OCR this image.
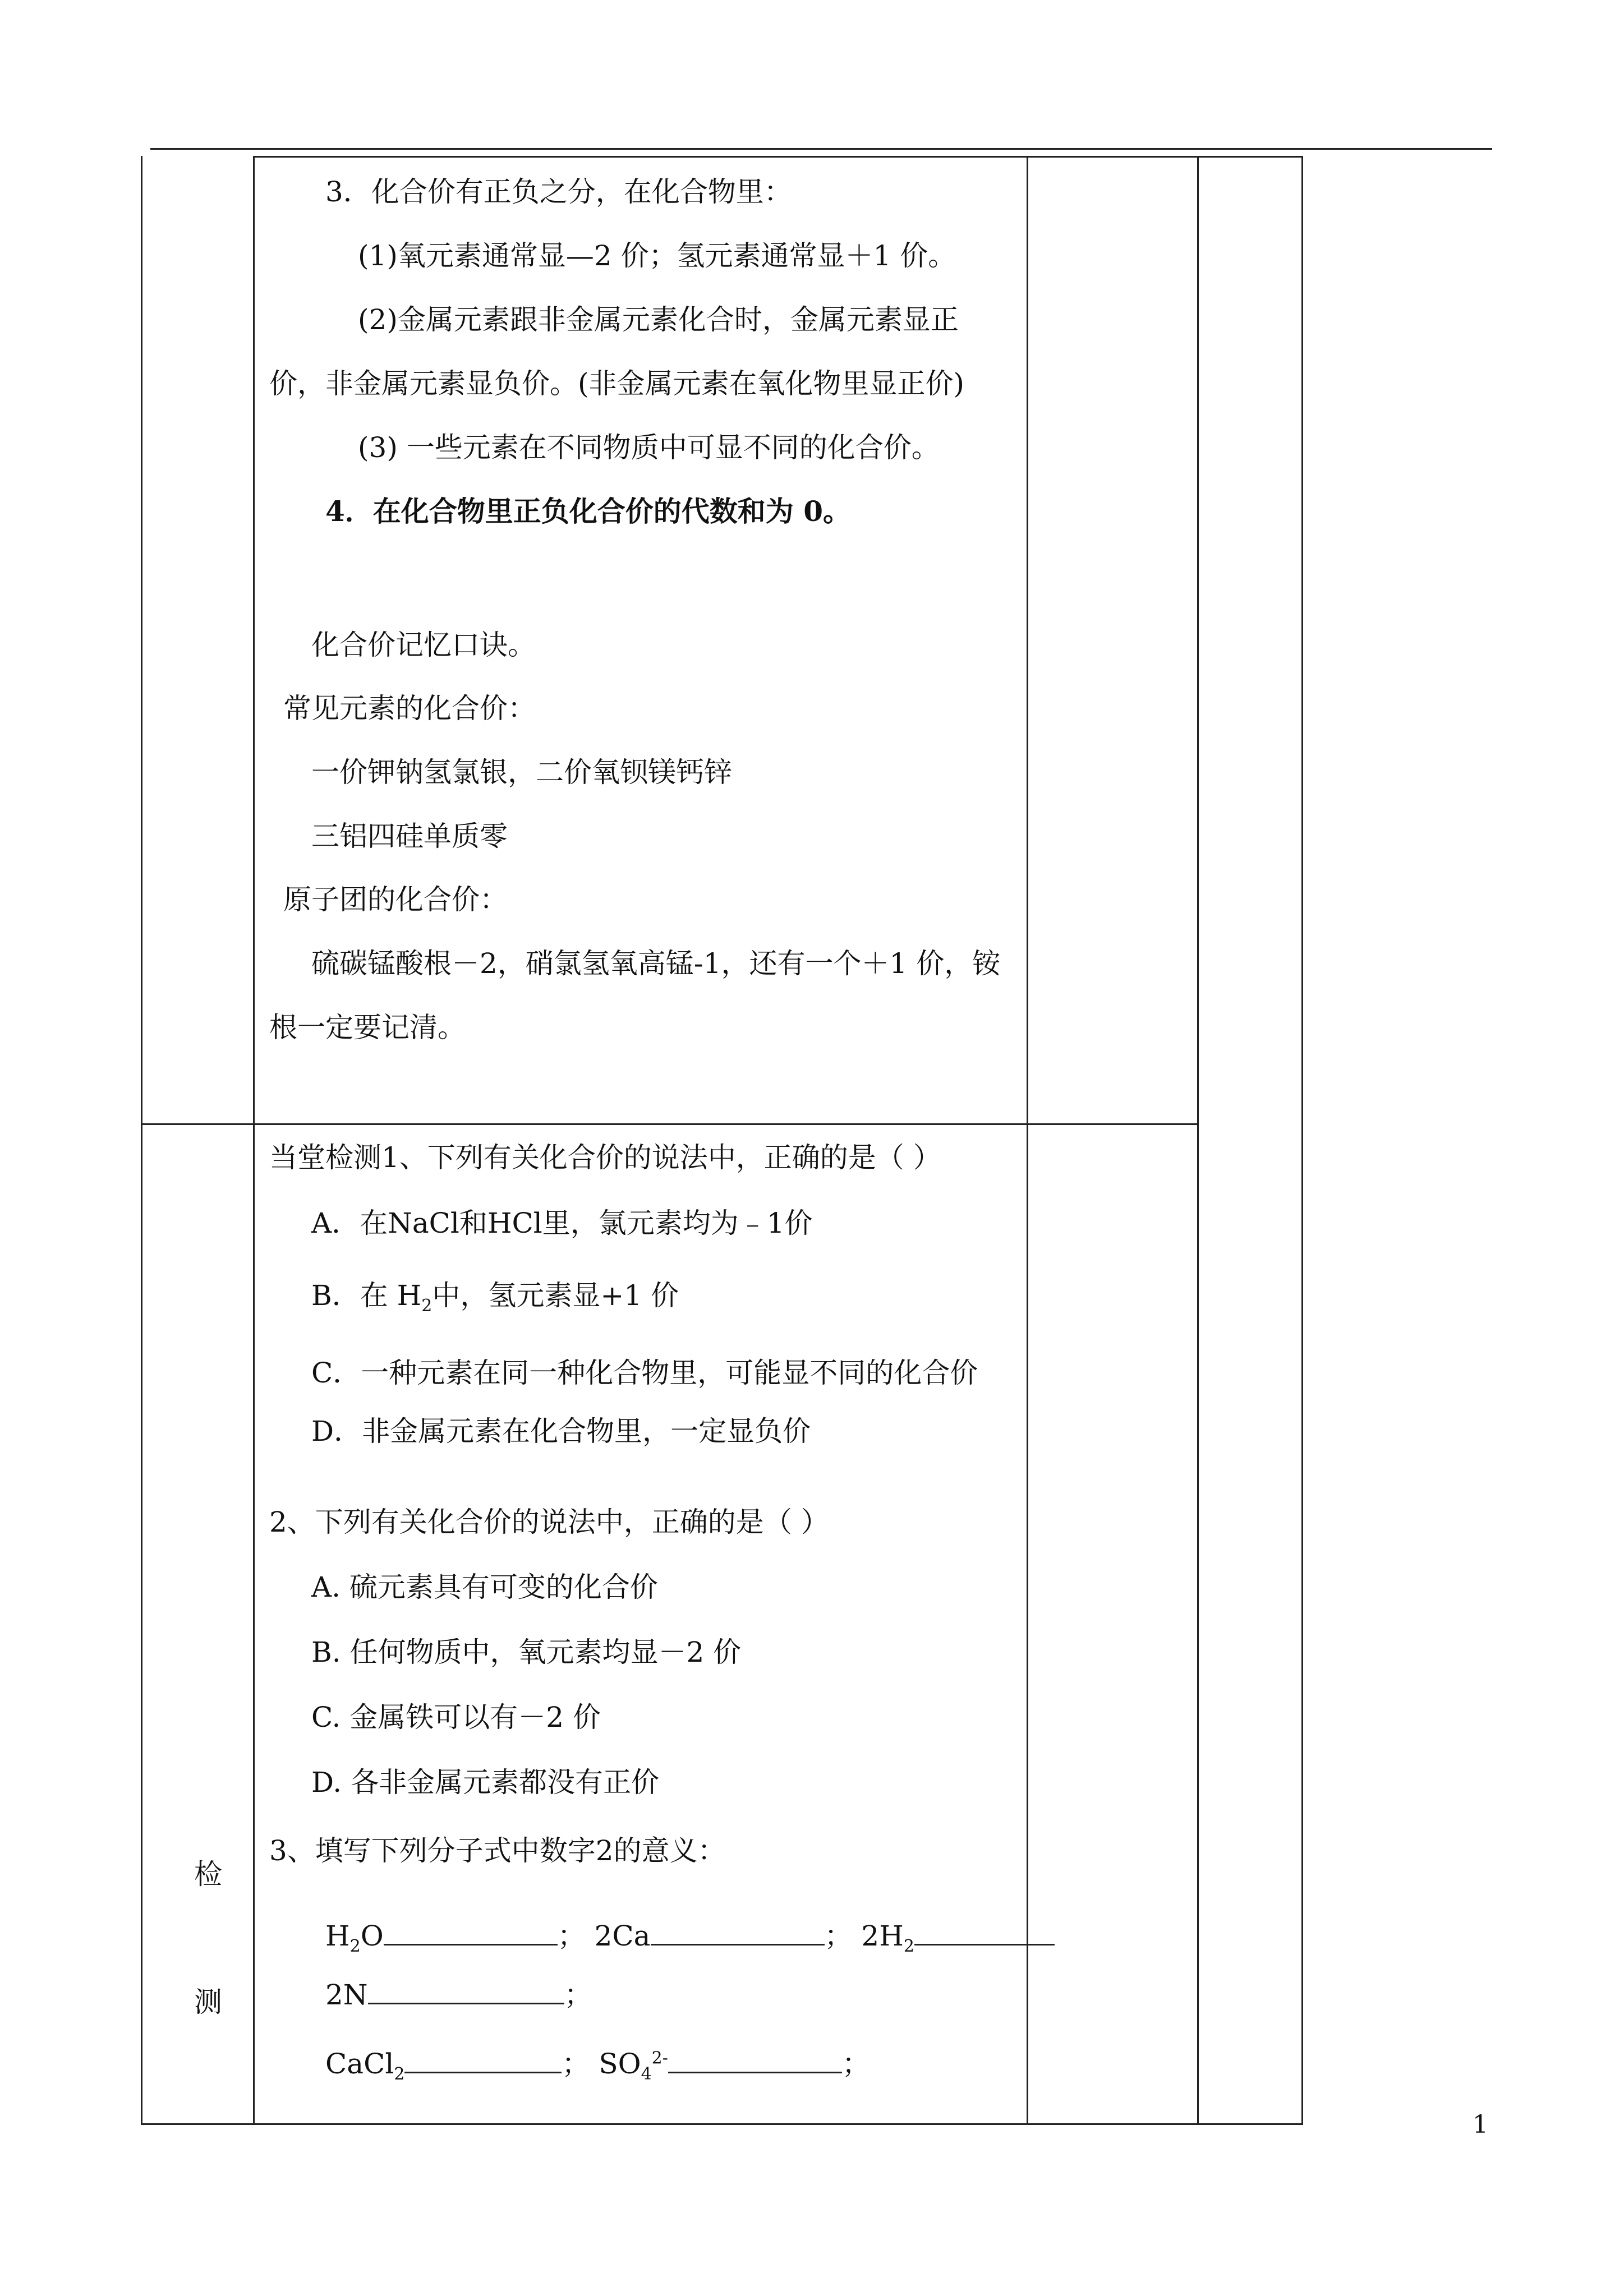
3．化合价有正负之分，在化合物里：
(1)氧元素通常显—2 价；氢元素通常显＋1 价。
(2)金属元素跟非金属元素化合时，金属元素显正
价，非金属元素显负价。(非金属元素在氧化物里显正价)
(3) 一些元素在不同物质中可显不同的化合价。
4．在化合物里正负化合价的代数和为 0。
化合价记忆口诀。
常见元素的化合价：
一价钾钠氢氯银，二价氧钡镁钙锌
三铝四硅单质零
原子团的化合价：
硫碳锰酸根－2，硝氯氢氧高锰-1，还有一个＋1 价，铵
根一定要记清。
检
测
当堂检测1、下列有关化合价的说法中，正确的是（ ）
A．在NaCl和HCl里，氯元素均为﹣1价
B．在 $H_2$中，氢元素显+1 价
C．一种元素在同一种化合物里，可能显不同的化合价
D．非金属元素在化合物里，一定显负价
2、下列有关化合价的说法中，正确的是（ ）
A. 硫元素具有可变的化合价
B. 任何物质中，氧元素均显－2 价
C. 金属铁可以有－2 价
D. 各非金属元素都没有正价
3、填写下列分子式中数字2的意义：
$H_2O$	； 2Ca	； $2H_2$
2N	；
CaCl$_2$	； $SO_4^{2-}$	；
1
